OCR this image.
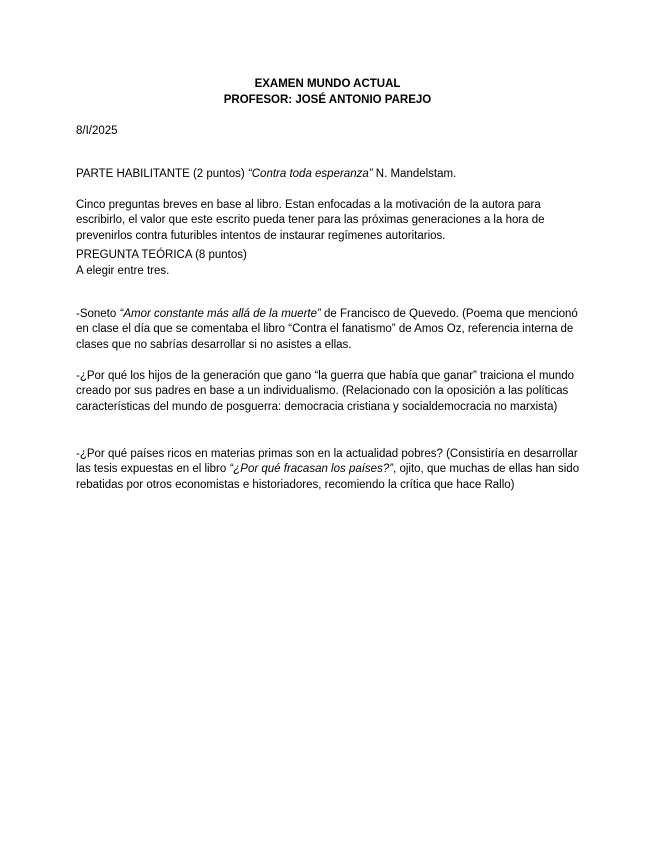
EXAMEN MUNDO ACTUAL
PROFESOR: JOSÉ ANTONIO PAREJO
8/I/2025

PARTE HABILITANTE (2 puntos) “Contra toda esperanza” N. Mandelstam.

Cinco preguntas breves en base al libro. Estan enfocadas a la motivación de la autora para escribirlo, el valor que este escrito pueda tener para las próximas generaciones a la hora de prevenirlos contra futuribles intentos de instaurar regímenes autoritarios.

PREGUNTA TEÓRICA (8 puntos)
A elegir entre tres.

-Soneto “Amor constante más allá de la muerte” de Francisco de Quevedo. (Poema que mencionó en clase el día que se comentaba el libro “Contra el fanatismo” de Amos Oz, referencia interna de clases que no sabrías desarrollar si no asistes a ellas.

-¿Por qué los hijos de la generación que gano “la guerra que había que ganar” traiciona el mundo creado por sus padres en base a un individualismo. (Relacionado con la oposición a las políticas características del mundo de posguerra: democracia cristiana y socialdemocracia no marxista)

-¿Por qué países ricos en materias primas son en la actualidad pobres? (Consistiría en desarrollar las tesis expuestas en el libro “¿Por qué fracasan los países?”, ojito, que muchas de ellas han sido rebatidas por otros economistas e historiadores, recomiendo la crítica que hace Rallo)
